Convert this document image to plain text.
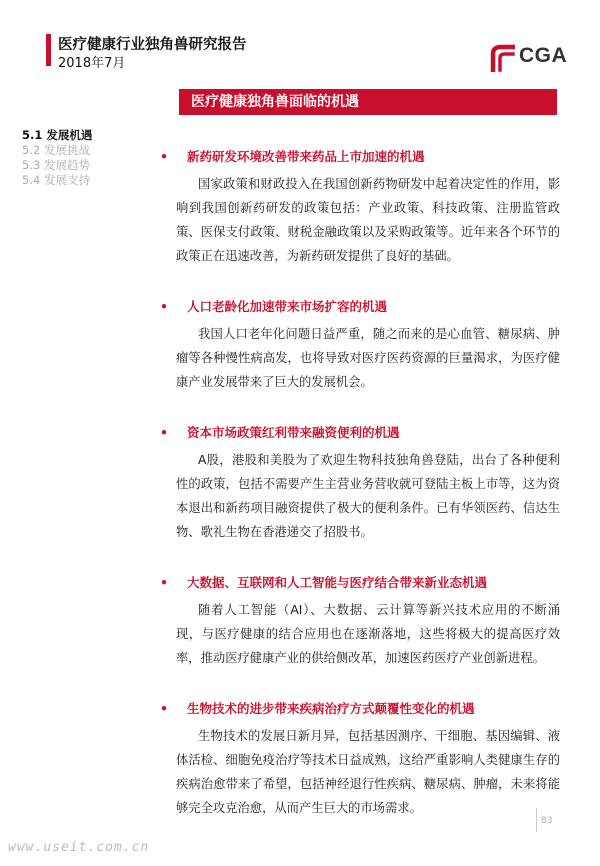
医疗健康行业独角兽研究报告
2018年7月	CGA
医疗健康独角兽面临的机遇
5.1 发展机遇
5.2 发展挑战
5.3 发展趋势
5.4 发展支持
• 新药研发环境改善带来药品上市加速的机遇
国家政策和财政投入在我国创新药物研发中起着决定性的作用，影响到我国创新药研发的政策包括：产业政策、科技政策、注册监管政策、医保支付政策、财税金融政策以及采购政策等。近年来各个环节的政策正在迅速改善，为新药研发提供了良好的基础。
• 人口老龄化加速带来市场扩容的机遇
我国人口老年化问题日益严重，随之而来的是心血管、糖尿病、肿瘤等各种慢性病高发，也将导致对医疗医药资源的巨量渴求，为医疗健康产业发展带来了巨大的发展机会。
• 资本市场政策红利带来融资便利的机遇
A股，港股和美股为了欢迎生物科技独角兽登陆，出台了各种便利性的政策，包括不需要产生主营业务营收就可登陆主板上市等，这为资本退出和新药项目融资提供了极大的便利条件。已有华领医药、信达生物、歌礼生物在香港递交了招股书。
• 大数据、互联网和人工智能与医疗结合带来新业态机遇
随着人工智能（AI）、大数据、云计算等新兴技术应用的不断涌现，与医疗健康的结合应用也在逐渐落地，这些将极大的提高医疗效率，推动医疗健康产业的供给侧改革，加速医药医疗产业创新进程。
• 生物技术的进步带来疾病治疗方式颠覆性变化的机遇
生物技术的发展日新月异，包括基因测序、干细胞、基因编辑、液体活检、细胞免疫治疗等技术日益成熟，这给严重影响人类健康生存的疾病治愈带来了希望，包括神经退行性疾病、糖尿病、肿瘤，未来将能够完全攻克治愈，从而产生巨大的市场需求。
83
www.useit.com.cn
